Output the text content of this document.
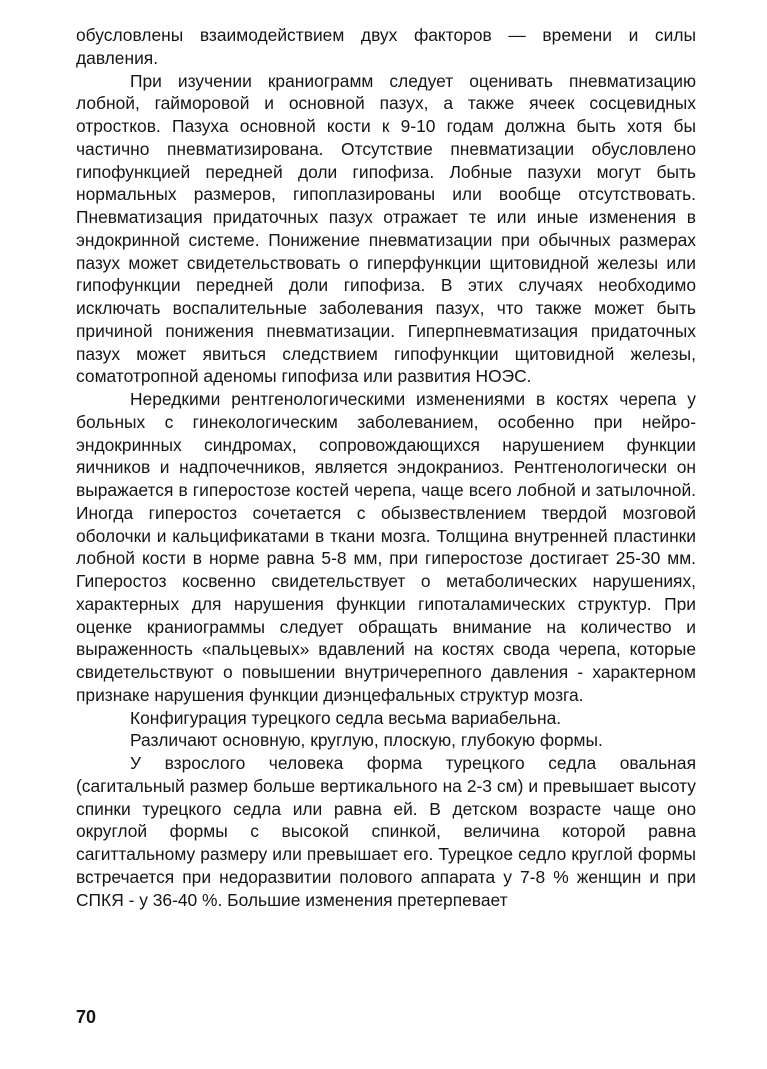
обусловлены взаимодействием двух факторов — времени и силы давления.

При изучении краниограмм следует оценивать пневматизацию лобной, гайморовой и основной пазух, а также ячеек сосцевидных отростков. Пазуха основной кости к 9-10 годам должна быть хотя бы частично пневматизирована. Отсутствие пневматизации обусловлено гипофункцией передней доли гипофиза. Лобные пазухи могут быть нормальных размеров, гипоплазированы или вообще отсутствовать. Пневматизация придаточных пазух отражает те или иные изменения в эндокринной системе. Понижение пневматизации при обычных размерах пазух может свидетельствовать о гиперфункции щитовидной железы или гипофункции передней доли гипофиза. В этих случаях необходимо исключать воспалительные заболевания пазух, что также может быть причиной понижения пневматизации. Гиперпневматизация придаточных пазух может явиться следствием гипофункции щитовидной железы, соматотропной аденомы гипофиза или развития НОЭС.

Нередкими рентгенологическими изменениями в костях черепа у больных с гинекологическим заболеванием, особенно при нейро-эндокринных синдромах, сопровождающихся нарушением функции яичников и надпочечников, является эндокраниоз. Рентгенологически он выражается в гиперостозе костей черепа, чаще всего лобной и затылочной. Иногда гиперостоз сочетается с обызвествлением твердой мозговой оболочки и кальцификатами в ткани мозга. Толщина внутренней пластинки лобной кости в норме равна 5-8 мм, при гиперостозе достигает 25-30 мм. Гиперостоз косвенно свидетельствует о метаболических нарушениях, характерных для нарушения функции гипоталамических структур. При оценке краниограммы следует обращать внимание на количество и выраженность «пальцевых» вдавлений на костях свода черепа, которые свидетельствуют о повышении внутричерепного давления - характерном признаке нарушения функции диэнцефальных структур мозга.

Конфигурация турецкого седла весьма вариабельна.

Различают основную, круглую, плоскую, глубокую формы.

У взрослого человека форма турецкого седла овальная (сагитальный размер больше вертикального на 2-3 см) и превышает высоту спинки турецкого седла или равна ей. В детском возрасте чаще оно округлой формы с высокой спинкой, величина которой равна сагиттальному размеру или превышает его. Турецкое седло круглой формы встречается при недоразвитии полового аппарата у 7-8 % женщин и при СПКЯ - у 36-40 %. Большие изменения претерпевает

70
